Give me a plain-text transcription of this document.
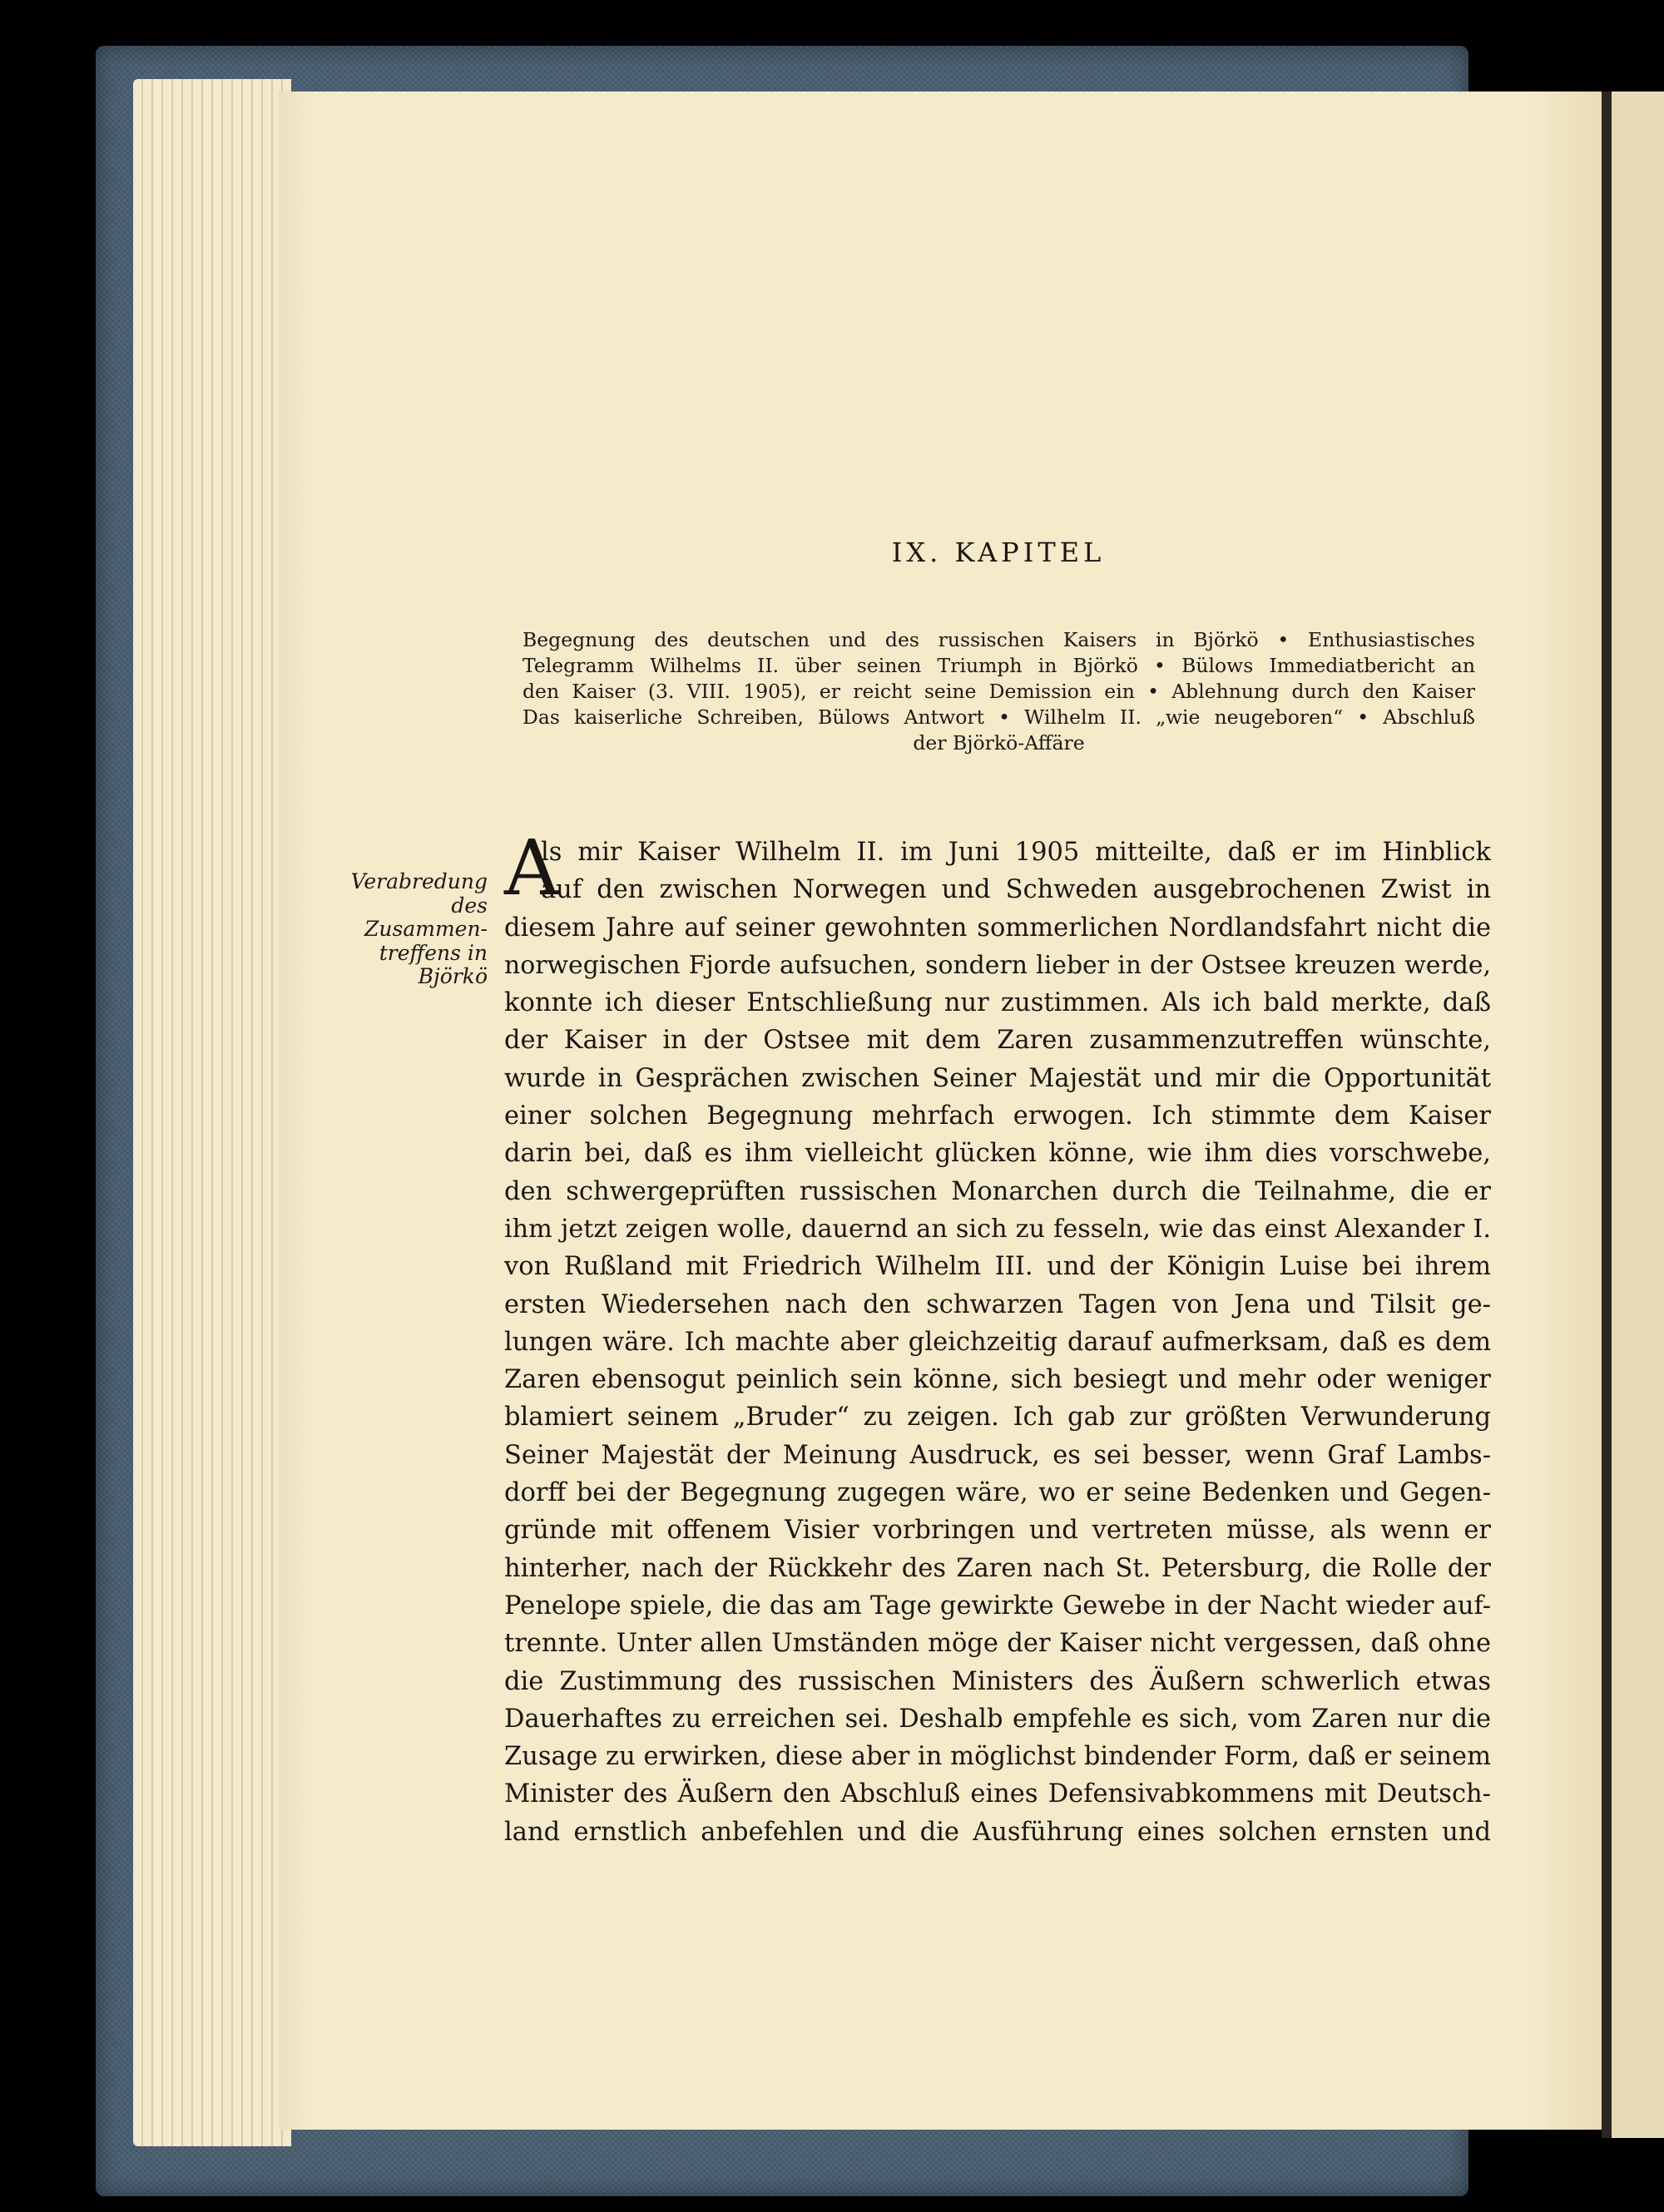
IX. KAPITEL
Begegnung des deutschen und des russischen Kaisers in Björkö • Enthusiastisches
Telegramm Wilhelms II. über seinen Triumph in Björkö • Bülows Immediatbericht an
den Kaiser (3. VIII. 1905), er reicht seine Demission ein • Ablehnung durch den Kaiser
Das kaiserliche Schreiben, Bülows Antwort • Wilhelm II. „wie neugeboren“ • Abschluß
der Björkö-Affäre
Verabredung
des
Zusammen-
treffens in
Björkö
A
ls mir Kaiser Wilhelm II. im Juni 1905 mitteilte, daß er im Hinblick
auf den zwischen Norwegen und Schweden ausgebrochenen Zwist in
diesem Jahre auf seiner gewohnten sommerlichen Nordlandsfahrt nicht die
norwegischen Fjorde aufsuchen, sondern lieber in der Ostsee kreuzen werde,
konnte ich dieser Entschließung nur zustimmen. Als ich bald merkte, daß
der Kaiser in der Ostsee mit dem Zaren zusammenzutreffen wünschte,
wurde in Gesprächen zwischen Seiner Majestät und mir die Opportunität
einer solchen Begegnung mehrfach erwogen. Ich stimmte dem Kaiser
darin bei, daß es ihm vielleicht glücken könne, wie ihm dies vorschwebe,
den schwergeprüften russischen Monarchen durch die Teilnahme, die er
ihm jetzt zeigen wolle, dauernd an sich zu fesseln, wie das einst Alexander I.
von Rußland mit Friedrich Wilhelm III. und der Königin Luise bei ihrem
ersten Wiedersehen nach den schwarzen Tagen von Jena und Tilsit ge-
lungen wäre. Ich machte aber gleichzeitig darauf aufmerksam, daß es dem
Zaren ebensogut peinlich sein könne, sich besiegt und mehr oder weniger
blamiert seinem „Bruder“ zu zeigen. Ich gab zur größten Verwunderung
Seiner Majestät der Meinung Ausdruck, es sei besser, wenn Graf Lambs-
dorff bei der Begegnung zugegen wäre, wo er seine Bedenken und Gegen-
gründe mit offenem Visier vorbringen und vertreten müsse, als wenn er
hinterher, nach der Rückkehr des Zaren nach St. Petersburg, die Rolle der
Penelope spiele, die das am Tage gewirkte Gewebe in der Nacht wieder auf-
trennte. Unter allen Umständen möge der Kaiser nicht vergessen, daß ohne
die Zustimmung des russischen Ministers des Äußern schwerlich etwas
Dauerhaftes zu erreichen sei. Deshalb empfehle es sich, vom Zaren nur die
Zusage zu erwirken, diese aber in möglichst bindender Form, daß er seinem
Minister des Äußern den Abschluß eines Defensivabkommens mit Deutsch-
land ernstlich anbefehlen und die Ausführung eines solchen ernsten und
